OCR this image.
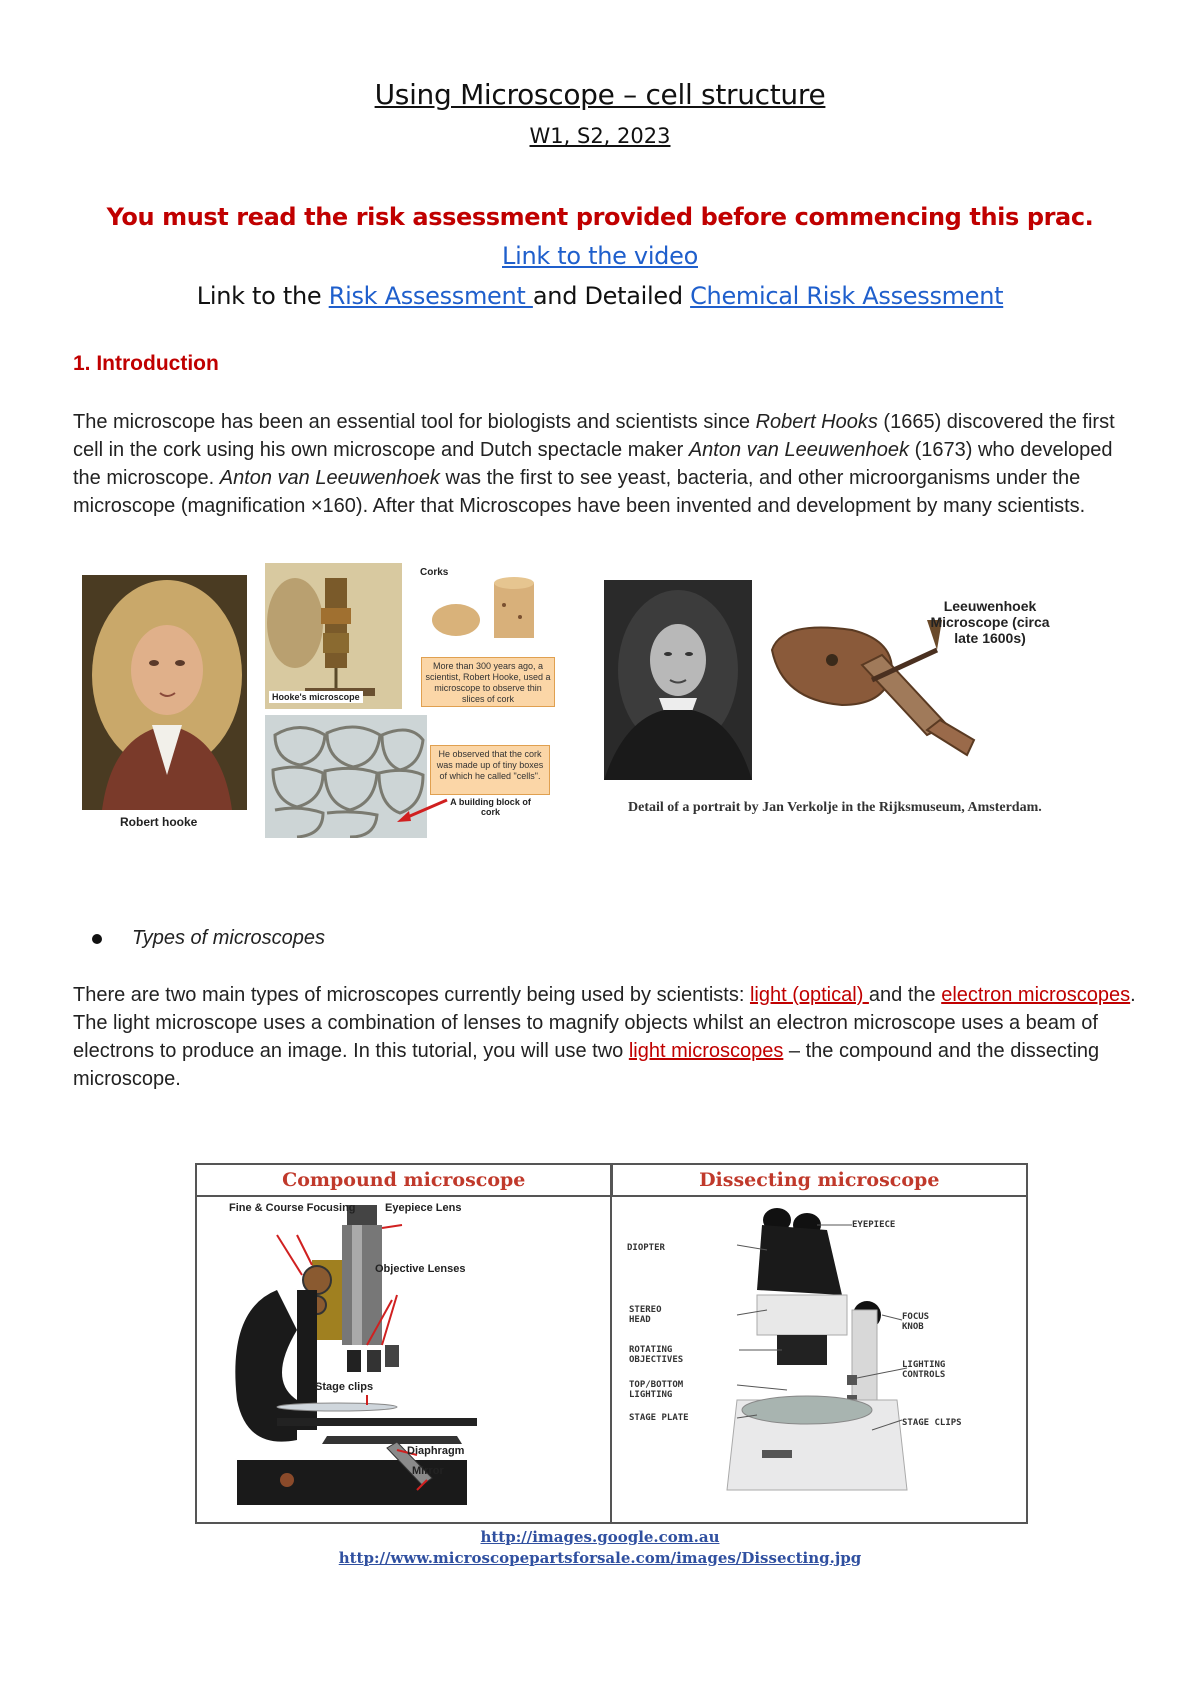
Using Microscope – cell structure
W1, S2, 2023
You must read the risk assessment provided before commencing this prac.
Link to the video
Link to the Risk Assessment and Detailed Chemical Risk Assessment
1. Introduction
The microscope has been an essential tool for biologists and scientists since Robert Hooks (1665) discovered the first cell in the cork using his own microscope and Dutch spectacle maker Anton van Leeuwenhoek (1673) who developed the microscope. Anton van Leeuwenhoek was the first to see yeast, bacteria, and other microorganisms under the microscope (magnification ×160). After that Microscopes have been invented and development by many scientists.
Robert hooke
Hooke's microscope
Corks
More than 300 years ago, a scientist, Robert Hooke, used a microscope to observe thin slices of cork
He observed that the cork was made up of tiny boxes of which he called "cells".
A building block of cork
Leeuwenhoek Microscope (circa late 1600s)
Detail of a portrait by Jan Verkolje in the Rijksmuseum, Amsterdam.
Types of microscopes
There are two main types of microscopes currently being used by scientists: light (optical) and the electron microscopes. The light microscope uses a combination of lenses to magnify objects whilst an electron microscope uses a beam of electrons to produce an image. In this tutorial, you will use two light microscopes – the compound and the dissecting microscope.
Compound microscope	Dissecting microscope
Fine & Course Focusing	Eyepiece Lens
Objective Lenses
Stage clips
Diaphragm
Mirror
EYEPIECE
DIOPTER
STEREO HEAD	FOCUS KNOB
ROTATING OBJECTIVES	LIGHTING CONTROLS
TOP/BOTTOM LIGHTING
STAGE PLATE	STAGE CLIPS
http://images.google.com.au
http://www.microscopepartsforsale.com/images/Dissecting.jpg
